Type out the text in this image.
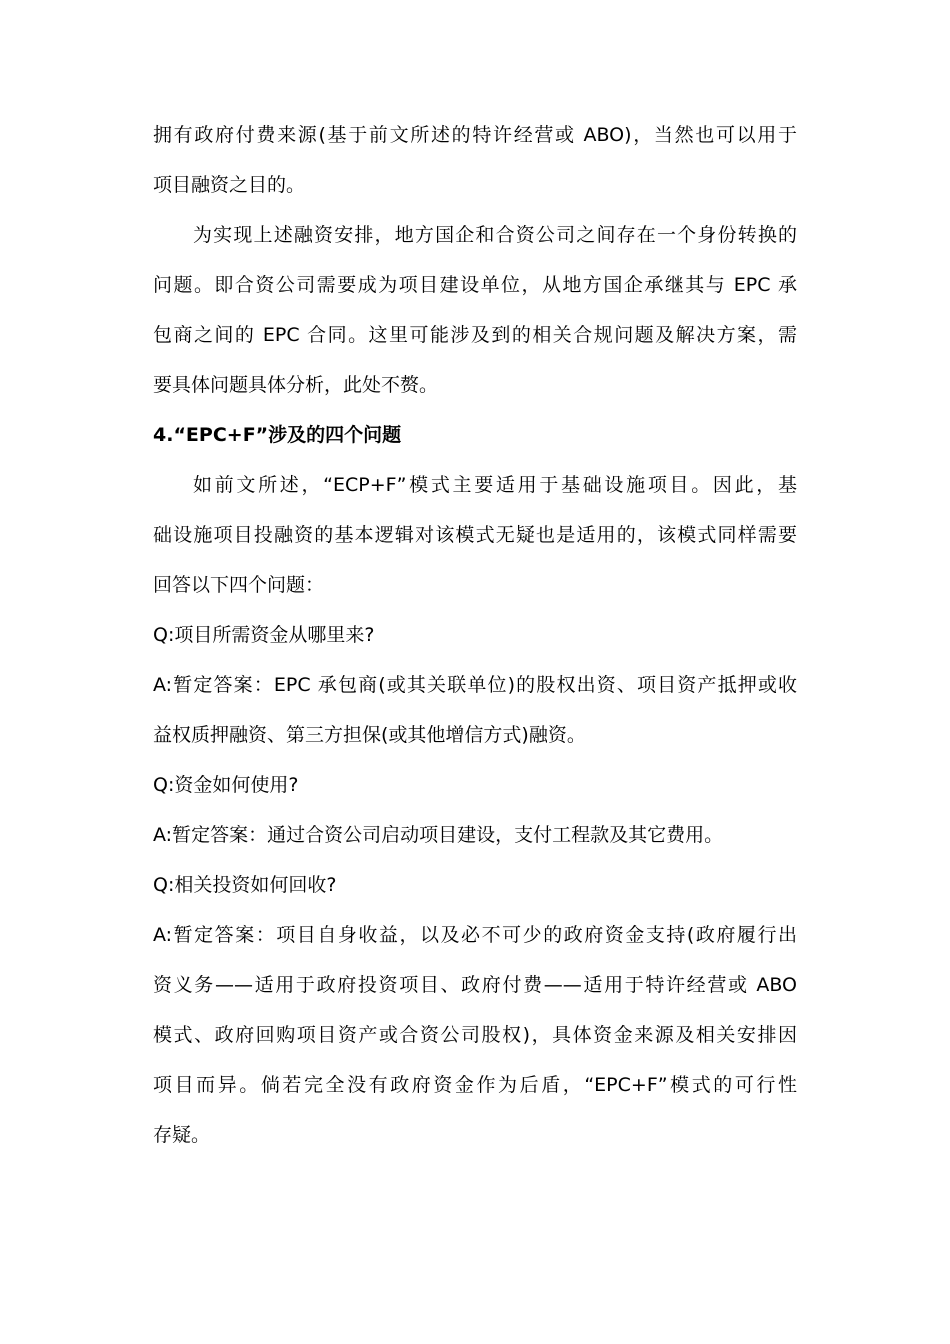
拥有政府付费来源(基于前文所述的特许经营或 ABO)，当然也可以用于
项目融资之目的。
为实现上述融资安排，地方国企和合资公司之间存在一个身份转换的
问题。即合资公司需要成为项目建设单位，从地方国企承继其与 EPC 承
包商之间的 EPC 合同。这里可能涉及到的相关合规问题及解决方案，需
要具体问题具体分析，此处不赘。
4.“EPC+F”涉及的四个问题
如前文所述，“ECP+F”模式主要适用于基础设施项目。因此，基
础设施项目投融资的基本逻辑对该模式无疑也是适用的，该模式同样需要
回答以下四个问题：
Q:项目所需资金从哪里来?
A:暂定答案：EPC 承包商(或其关联单位)的股权出资、项目资产抵押或收
益权质押融资、第三方担保(或其他增信方式)融资。
Q:资金如何使用?
A:暂定答案：通过合资公司启动项目建设，支付工程款及其它费用。
Q:相关投资如何回收?
A:暂定答案：项目自身收益，以及必不可少的政府资金支持(政府履行出
资义务——适用于政府投资项目、政府付费——适用于特许经营或 ABO
模式、政府回购项目资产或合资公司股权)，具体资金来源及相关安排因
项目而异。倘若完全没有政府资金作为后盾，“EPC+F”模式的可行性
存疑。
